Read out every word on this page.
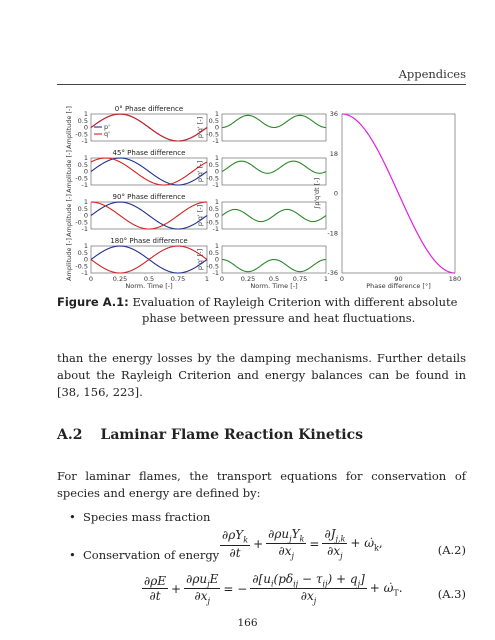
Appendices
0° Phase difference
1
0.5
0
-0.5
-1
Amplitude [-]	1
0.5
0
-0.5
-1
p'q' [-]
45° Phase difference
1
0.5
0
-0.5
-1
Amplitude [-]	1
0.5
0
-0.5
-1
p'q' [-]
90° Phase difference
1
0.5
0
-0.5
-1
Amplitude [-]	1
0.5
0
-0.5
-1
p'q' [-]
180° Phase difference
1
0.5
0
-0.5
-1
Amplitude [-]	1
0.5
0
-0.5
-1
p'q' [-]
p'
q'
0	0.25	0.5	0.75	1
Norm. Time [-]
0	0.25 0.5 0.75	1
Norm. Time [-]
36
18
0
-18
-36
∫p'q'dt [-]
0	90	180
Phase difference [°]
Figure A.1: Evaluation of Rayleigh Criterion with different absolute phase between pressure and heat fluctuations.
than the energy losses by the damping mechanisms. Further details about the Rayleigh Criterion and energy balances can be found in [38, 156, 223].
A.2 Laminar Flame Reaction Kinetics
For laminar flames, the transport equations for conservation of species and energy are defined by:
• Species mass fraction
$\frac{\partial\rho Y_k}{\partial t} + \frac{\partial\rho u_jY_k}{\partial x_j} = \frac{\partial J_{j,k}}{\partial x_j}$ + $\omegȧ_k$,
(A.2)
• Conservation of energy
$\frac{\partial\rho E}{\partial t} + \frac{\partial\rho u_jE}{\partial x_j}$ = − $\frac{\partial[u_i(p\delta_{ij} - \tau_{ij}) + q_j]}{\partial x_j}$ + $\omegȧ_T$.	(A.3)
166
